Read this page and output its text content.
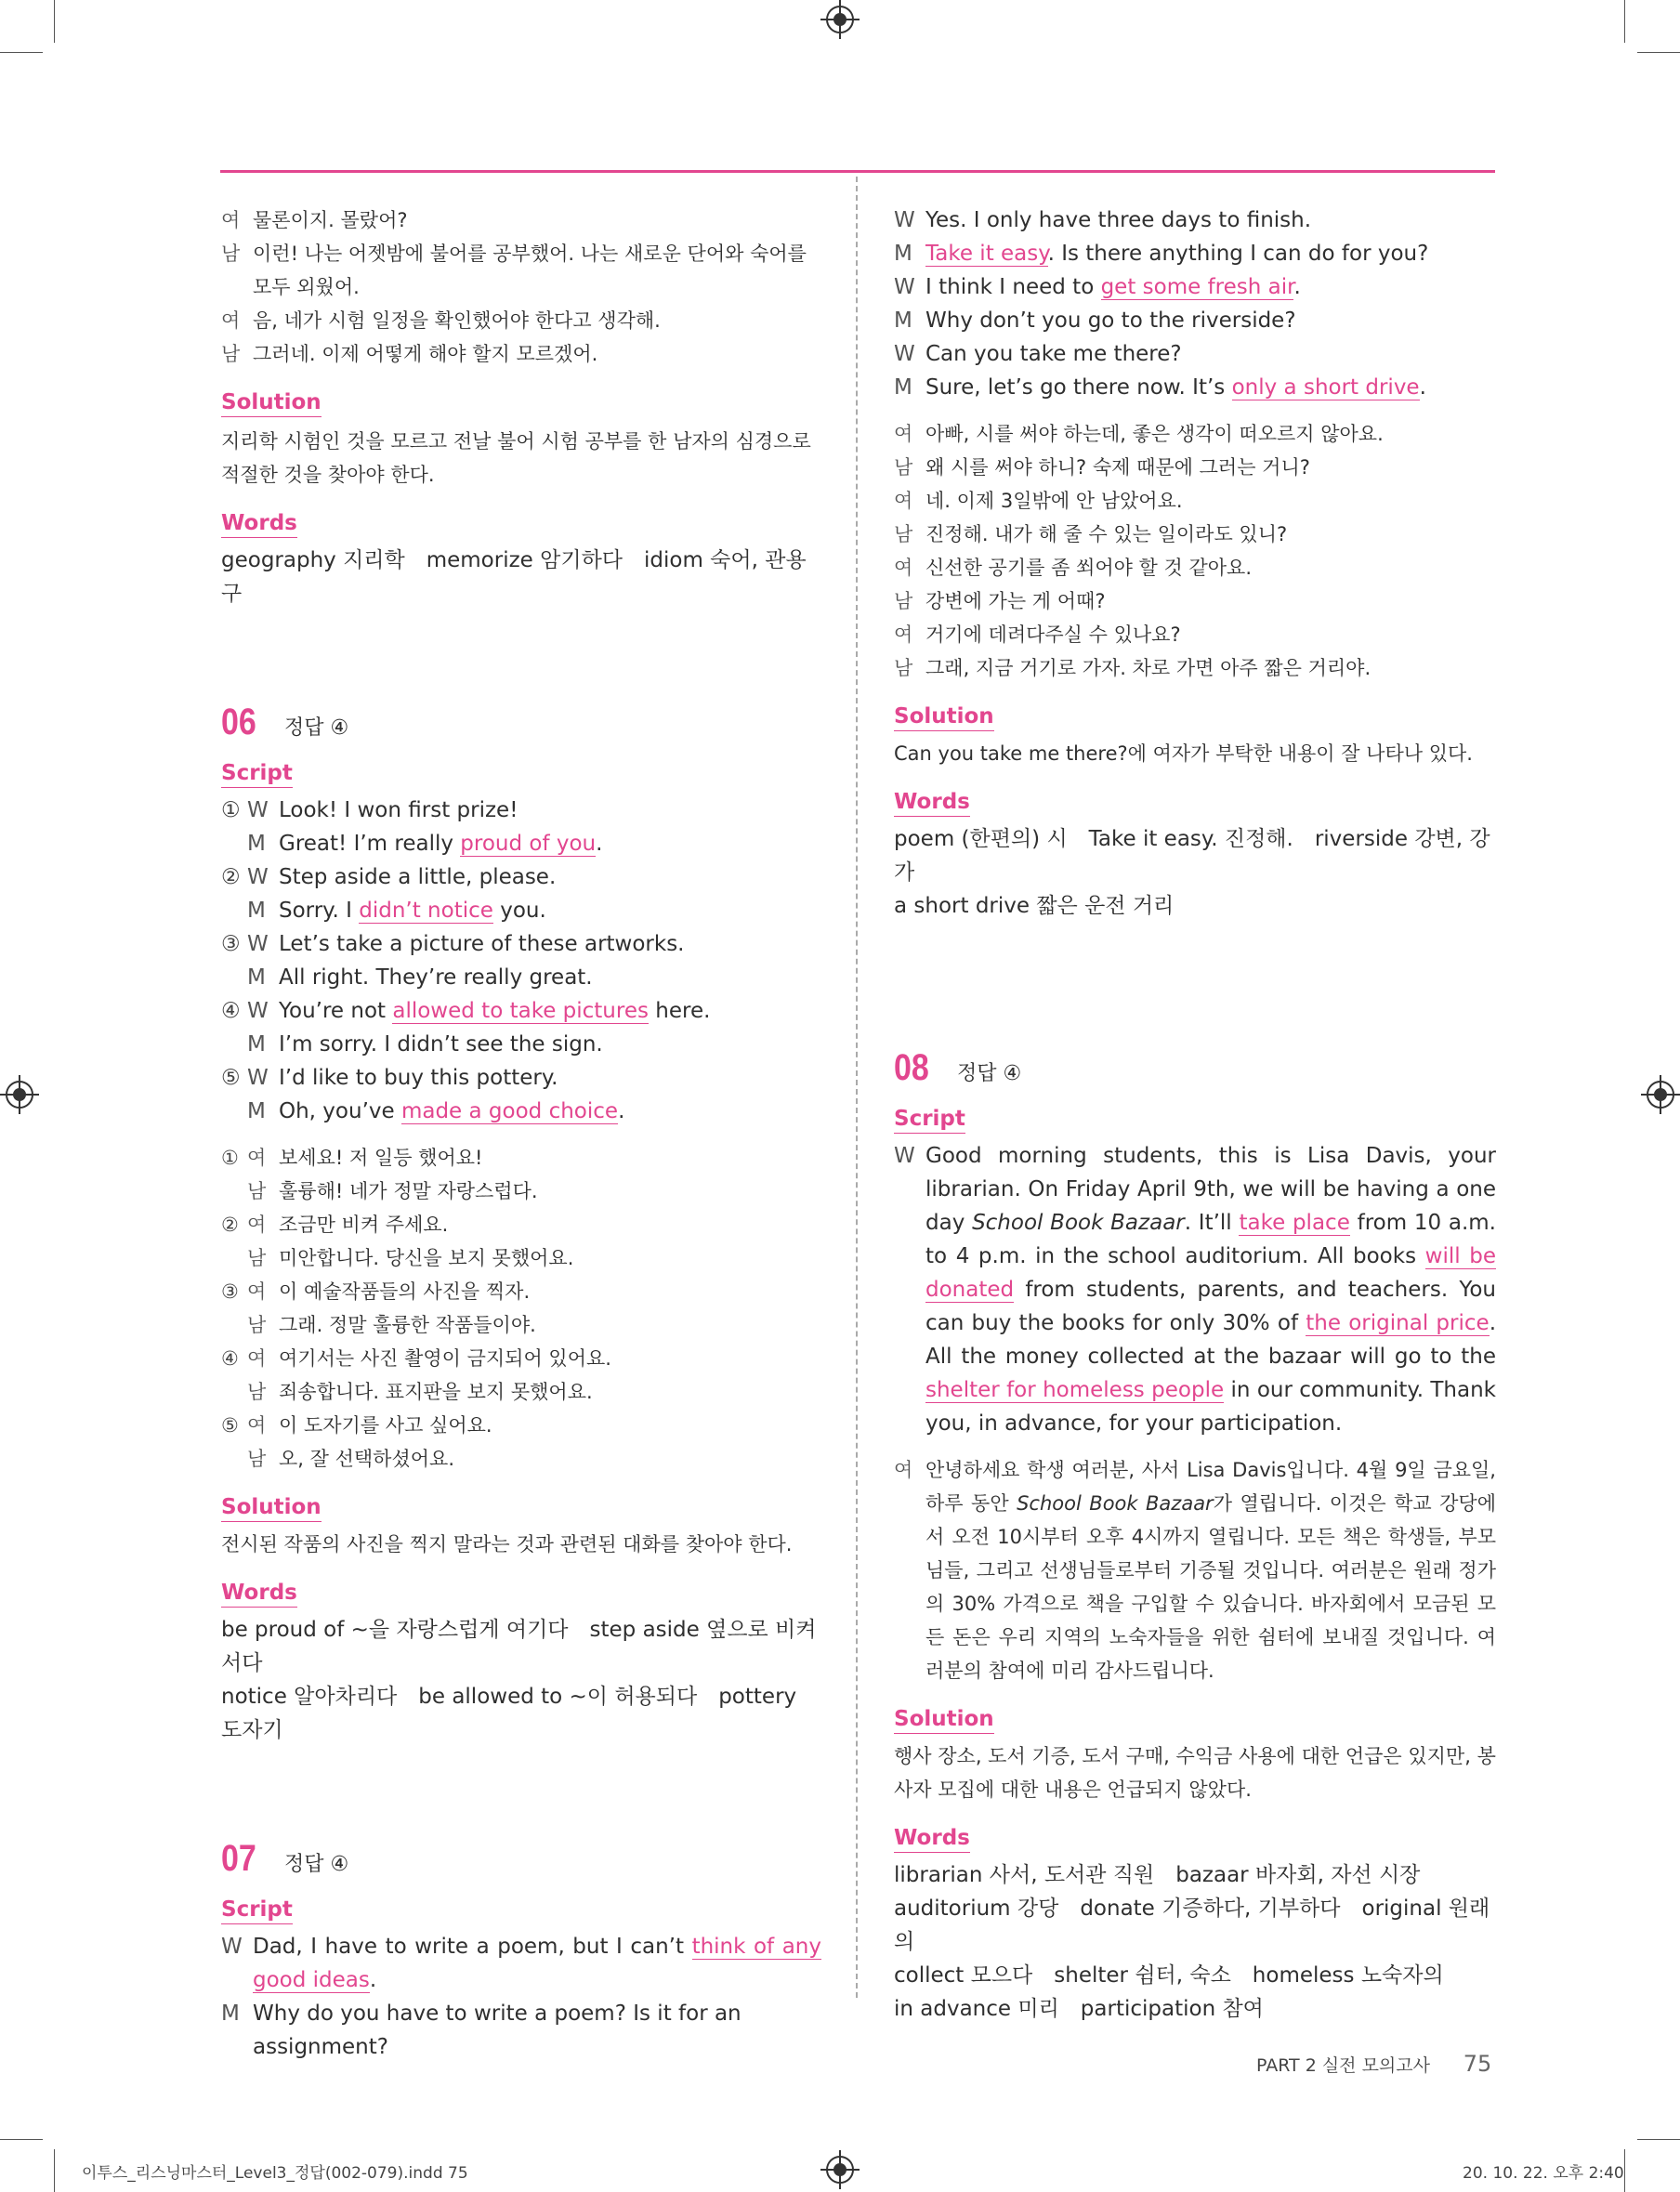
여 물론이지. 몰랐어?
남 이런! 나는 어젯밤에 불어를 공부했어. 나는 새로운 단어와 숙어를 모두 외웠어.
여 음, 네가 시험 일정을 확인했어야 한다고 생각해.
남 그러네. 이제 어떻게 해야 할지 모르겠어.
Solution
지리학 시험인 것을 모르고 전날 불어 시험 공부를 한 남자의 심경으로 적절한 것을 찾아야 한다.
Words
geography 지리학　memorize 암기하다　idiom 숙어, 관용구
06 정답 ④
Script
① W Look! I won first prize!
M Great! I’m really proud of you.
② W Step aside a little, please.
M Sorry. I didn’t notice you.
③ W Let’s take a picture of these artworks.
M All right. They’re really great.
④ W You’re not allowed to take pictures here.
M I’m sorry. I didn’t see the sign.
⑤ W I’d like to buy this pottery.
M Oh, you’ve made a good choice.
① 여 보세요! 저 일등 했어요!
남 훌륭해! 네가 정말 자랑스럽다.
② 여 조금만 비켜 주세요.
남 미안합니다. 당신을 보지 못했어요.
③ 여 이 예술작품들의 사진을 찍자.
남 그래. 정말 훌륭한 작품들이야.
④ 여 여기서는 사진 촬영이 금지되어 있어요.
남 죄송합니다. 표지판을 보지 못했어요.
⑤ 여 이 도자기를 사고 싶어요.
남 오, 잘 선택하셨어요.
Solution
전시된 작품의 사진을 찍지 말라는 것과 관련된 대화를 찾아야 한다.
Words
be proud of ~을 자랑스럽게 여기다　step aside 옆으로 비켜서다
notice 알아차리다　be allowed to ~이 허용되다　pottery 도자기
07 정답 ④
Script
W Dad, I have to write a poem, but I can’t think of any good ideas.
M Why do you have to write a poem? Is it for an assignment?
W Yes. I only have three days to finish.
M Take it easy. Is there anything I can do for you?
W I think I need to get some fresh air.
M Why don’t you go to the riverside?
W Can you take me there?
M Sure, let’s go there now. It’s only a short drive.
여 아빠, 시를 써야 하는데, 좋은 생각이 떠오르지 않아요.
남 왜 시를 써야 하니? 숙제 때문에 그러는 거니?
여 네. 이제 3일밖에 안 남았어요.
남 진정해. 내가 해 줄 수 있는 일이라도 있니?
여 신선한 공기를 좀 쐬어야 할 것 같아요.
남 강변에 가는 게 어때?
여 거기에 데려다주실 수 있나요?
남 그래, 지금 거기로 가자. 차로 가면 아주 짧은 거리야.
Solution
Can you take me there?에 여자가 부탁한 내용이 잘 나타나 있다.
Words
poem (한편의) 시　Take it easy. 진정해.　riverside 강변, 강가
a short drive 짧은 운전 거리
08 정답 ④
Script
W Good morning students, this is Lisa Davis, your librarian. On Friday April 9th, we will be having a one day School Book Bazaar. It’ll take place from 10 a.m. to 4 p.m. in the school auditorium. All books will be donated from students, parents, and teachers. You can buy the books for only 30% of the original price. All the money collected at the bazaar will go to the shelter for homeless people in our community. Thank you, in advance, for your participation.
여 안녕하세요 학생 여러분, 사서 Lisa Davis입니다. 4월 9일 금요일, 하루 동안 School Book Bazaar가 열립니다. 이것은 학교 강당에서 오전 10시부터 오후 4시까지 열립니다. 모든 책은 학생들, 부모님들, 그리고 선생님들로부터 기증될 것입니다. 여러분은 원래 정가의 30% 가격으로 책을 구입할 수 있습니다. 바자회에서 모금된 모든 돈은 우리 지역의 노숙자들을 위한 쉼터에 보내질 것입니다. 여러분의 참여에 미리 감사드립니다.
Solution
행사 장소, 도서 기증, 도서 구매, 수익금 사용에 대한 언급은 있지만, 봉사자 모집에 대한 내용은 언급되지 않았다.
Words
librarian 사서, 도서관 직원　bazaar 바자회, 자선 시장
auditorium 강당　donate 기증하다, 기부하다　original 원래의
collect 모으다　shelter 쉼터, 숙소　homeless 노숙자의
in advance 미리　participation 참여
PART 2 실전 모의고사 75
이투스_리스닝마스터_Level3_정답(002-079).indd 75	20. 10. 22. 오후 2:40
